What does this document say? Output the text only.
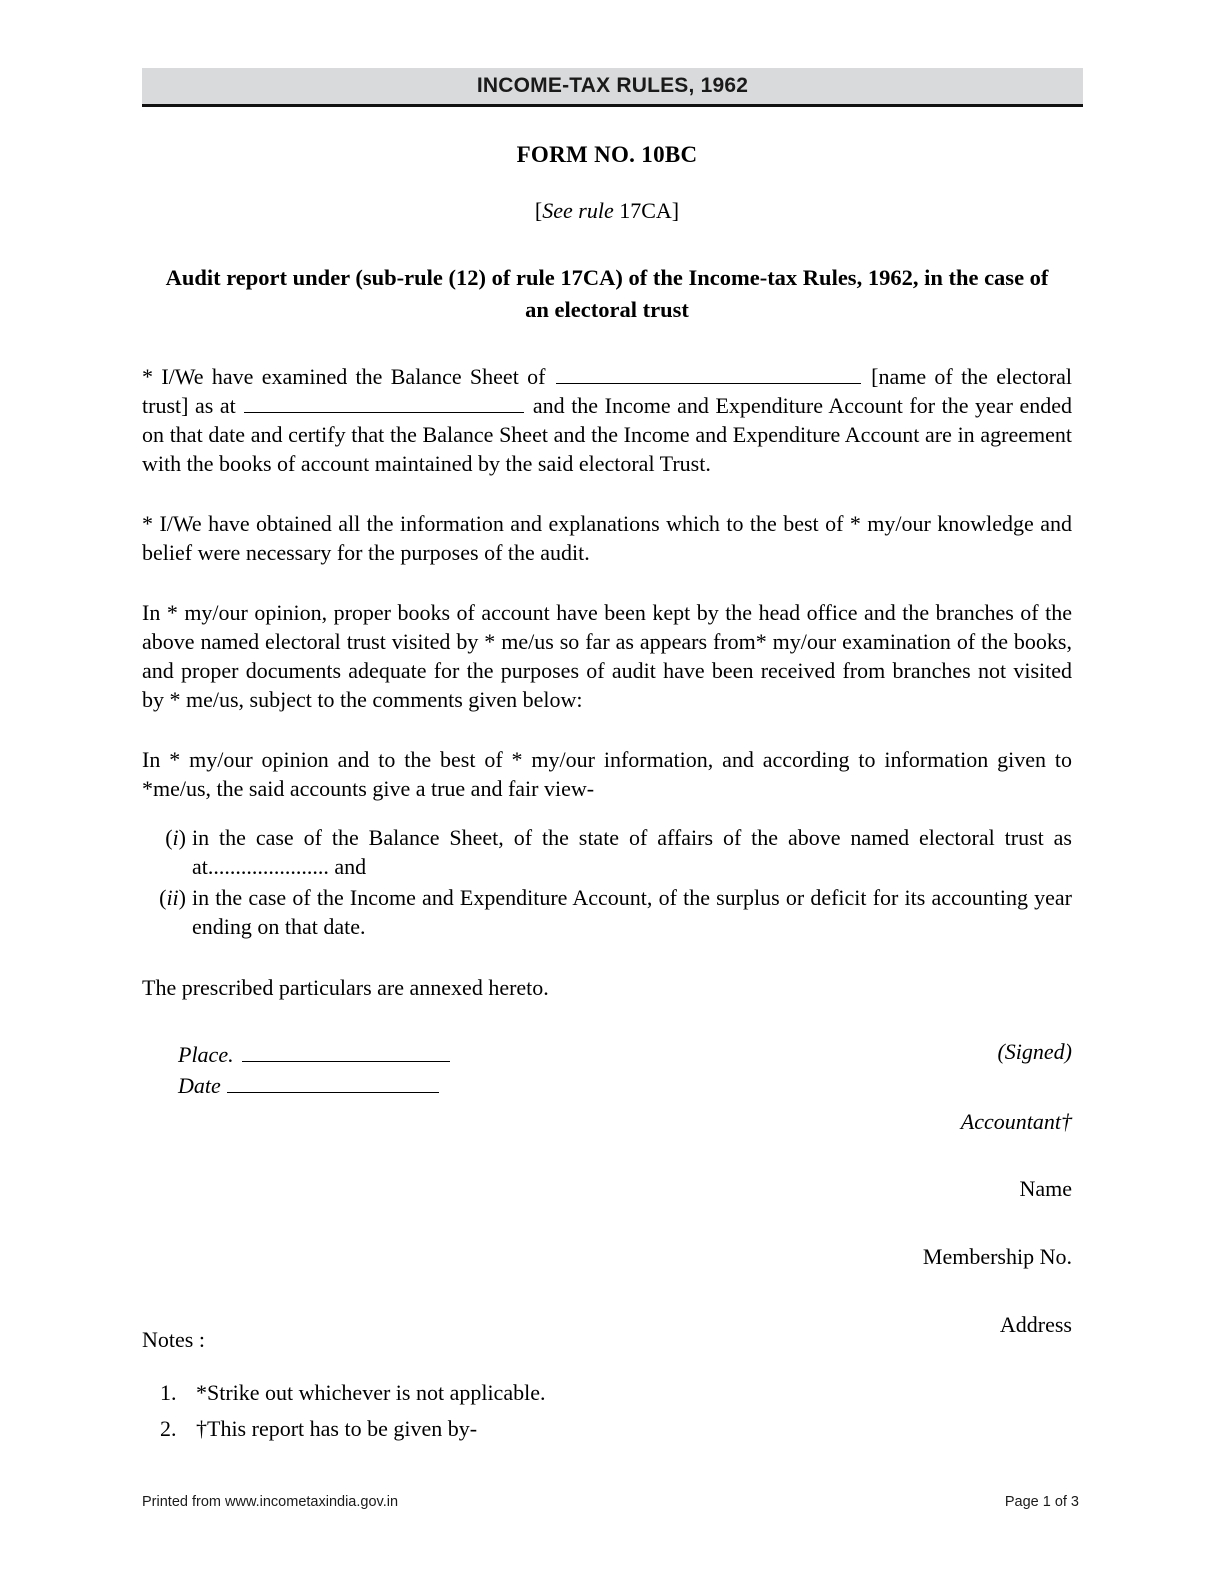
INCOME-TAX RULES, 1962
FORM NO. 10BC
[See rule 17CA]
Audit report under (sub-rule (12) of rule 17CA) of the Income-tax Rules, 1962, in the case of an electoral trust

* I/We have examined the Balance Sheet of	[name of the electoral trust] as at	and the Income and Expenditure Account for the year ended on that date and certify that the Balance Sheet and the Income and Expenditure Account are in agreement with the books of account maintained by the said electoral Trust.

* I/We have obtained all the information and explanations which to the best of * my/our knowledge and belief were necessary for the purposes of the audit.

In * my/our opinion, proper books of account have been kept by the head office and the branches of the above named electoral trust visited by * me/us so far as appears from* my/our examination of the books, and proper documents adequate for the purposes of audit have been received from branches not visited by * me/us, subject to the comments given below:

In * my/our opinion and to the best of * my/our information, and according to information given to *me/us, the said accounts give a true and fair view-

(i) in the case of the Balance Sheet, of the state of affairs of the above named electoral trust as at...................... and
(ii) in the case of the Income and Expenditure Account, of the surplus or deficit for its accounting year ending on that date.
The prescribed particulars are annexed hereto.
Place.
Date
(Signed)
Accountant†
Name
Membership No.
Address
Notes :
1. *Strike out whichever is not applicable.
2. †This report has to be given by-
Printed from www.incometaxindia.gov.in	Page 1 of 3
